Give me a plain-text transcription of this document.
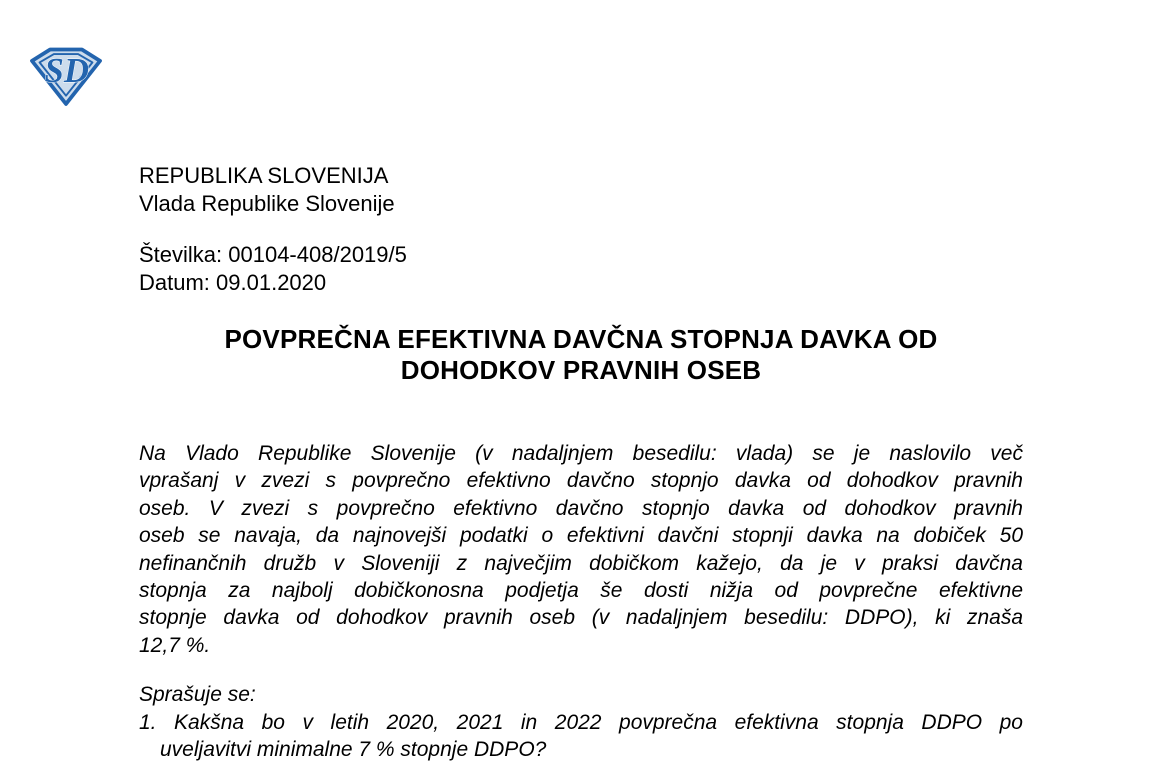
SD
REPUBLIKA SLOVENIJA
Vlada Republike Slovenije
Številka: 00104-408/2019/5
Datum: 09.01.2020
POVPREČNA EFEKTIVNA DAVČNA STOPNJA DAVKA OD
DOHODKOV PRAVNIH OSEB
Na Vlado Republike Slovenije (v nadaljnjem besedilu: vlada) se je naslovilo več
vprašanj v zvezi s povprečno efektivno davčno stopnjo davka od dohodkov pravnih
oseb. V zvezi s povprečno efektivno davčno stopnjo davka od dohodkov pravnih
oseb se navaja, da najnovejši podatki o efektivni davčni stopnji davka na dobiček 50
nefinančnih družb v Sloveniji z največjim dobičkom kažejo, da je v praksi davčna
stopnja za najbolj dobičkonosna podjetja še dosti nižja od povprečne efektivne
stopnje davka od dohodkov pravnih oseb (v nadaljnjem besedilu: DDPO), ki znaša
12,7 %.
Sprašuje se:
1. Kakšna bo v letih 2020, 2021 in 2022 povprečna efektivna stopnja DDPO po
uveljavitvi minimalne 7 % stopnje DDPO?
